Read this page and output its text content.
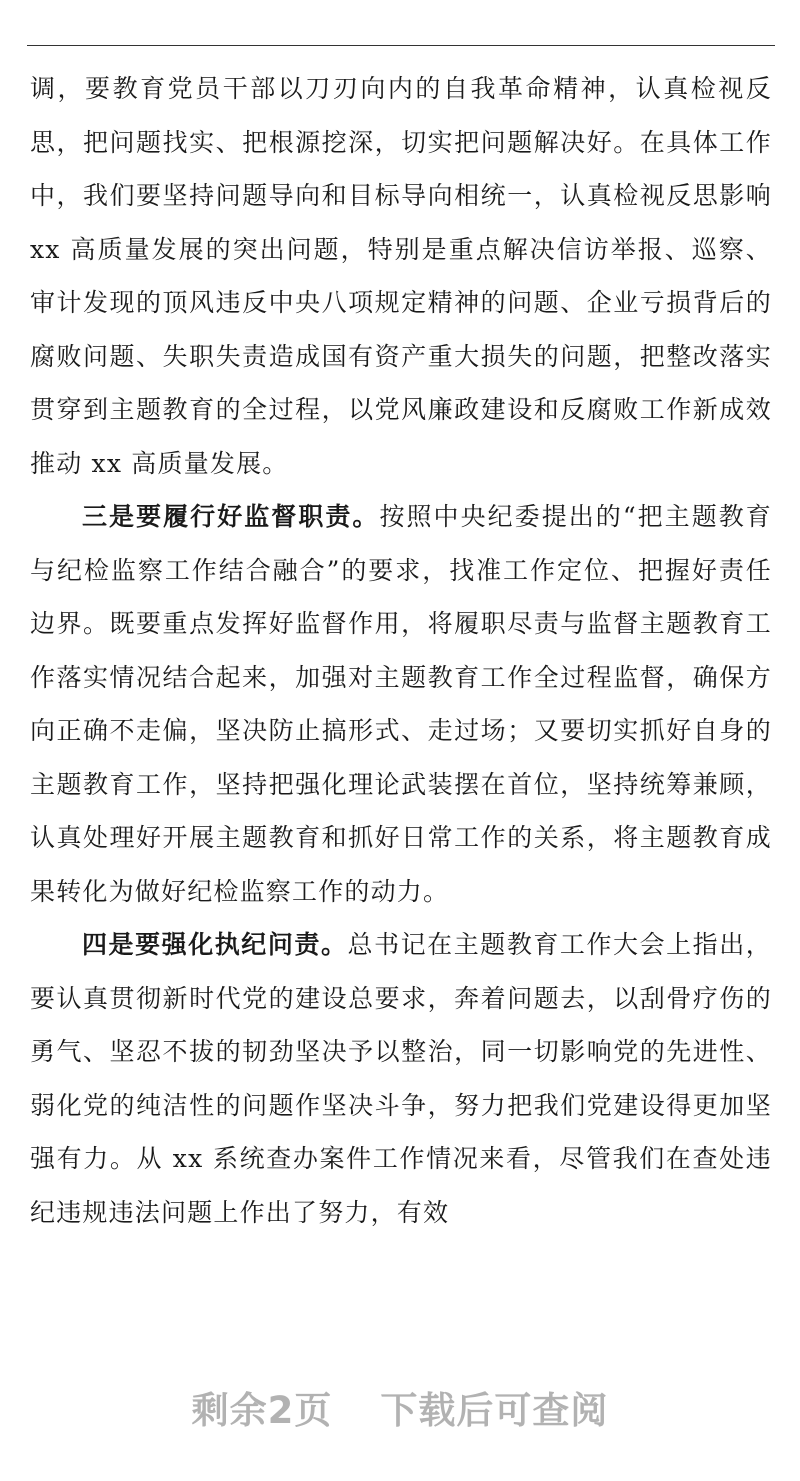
调，要教育党员干部以刀刃向内的自我革命精神，认真检视反思，把问题找实、把根源挖深，切实把问题解决好。在具体工作中，我们要坚持问题导向和目标导向相统一，认真检视反思影响 xx 高质量发展的突出问题，特别是重点解决信访举报、巡察、审计发现的顶风违反中央八项规定精神的问题、企业亏损背后的腐败问题、失职失责造成国有资产重大损失的问题，把整改落实贯穿到主题教育的全过程，以党风廉政建设和反腐败工作新成效推动 xx 高质量发展。

三是要履行好监督职责。按照中央纪委提出的“把主题教育与纪检监察工作结合融合”的要求，找准工作定位、把握好责任边界。既要重点发挥好监督作用，将履职尽责与监督主题教育工作落实情况结合起来，加强对主题教育工作全过程监督，确保方向正确不走偏，坚决防止搞形式、走过场；又要切实抓好自身的主题教育工作，坚持把强化理论武装摆在首位，坚持统筹兼顾，认真处理好开展主题教育和抓好日常工作的关系，将主题教育成果转化为做好纪检监察工作的动力。

四是要强化执纪问责。总书记在主题教育工作大会上指出，要认真贯彻新时代党的建设总要求，奔着问题去，以刮骨疗伤的勇气、坚忍不拔的韧劲坚决予以整治，同一切影响党的先进性、弱化党的纯洁性的问题作坚决斗争，努力把我们党建设得更加坚强有力。从 xx 系统查办案件工作情况来看，尽管我们在查处违纪违规违法问题上作出了努力，有效

剩余2页 下载后可查阅
